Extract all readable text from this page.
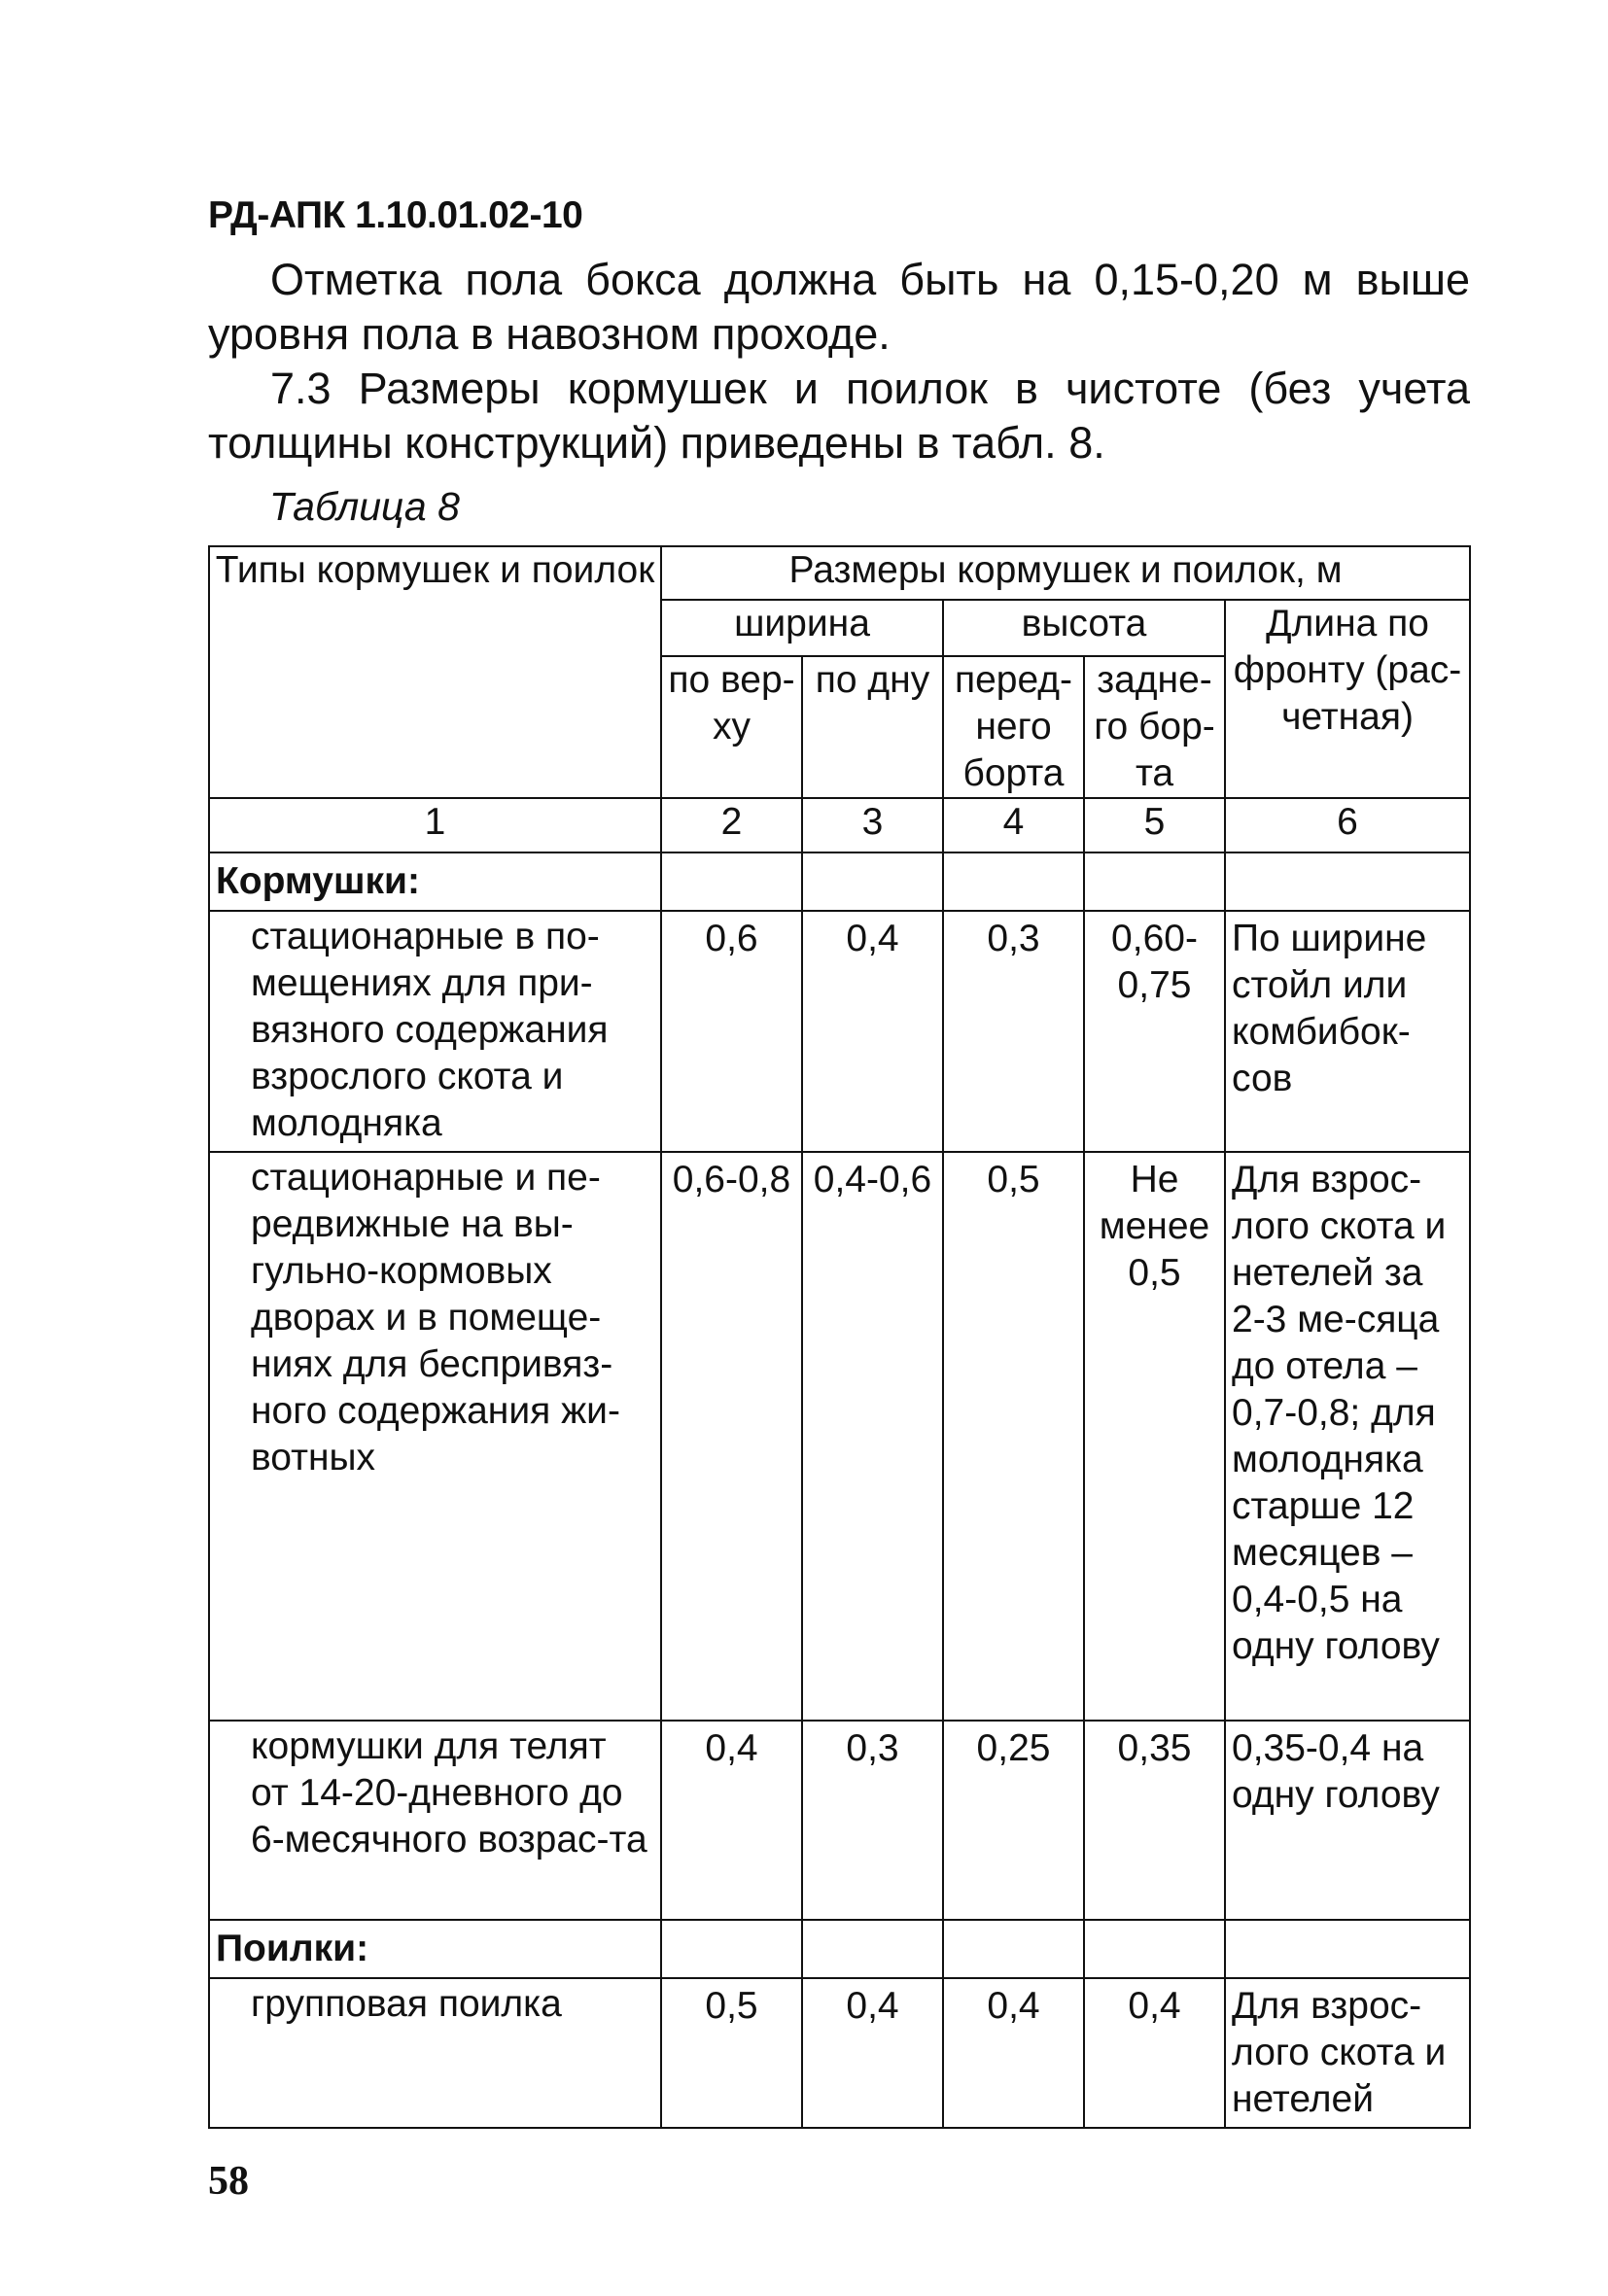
РД-АПК 1.10.01.02-10
Отметка пола бокса должна быть на 0,15-0,20 м выше уровня пола в навозном проходе.
7.3 Размеры кормушек и поилок в чистоте (без учета толщины конструкций) приведены в табл. 8.
Таблица 8
Типы кормушек и поилок	Размеры кормушек и поилок, м				
	ширина		высота		Длина по фронту (рас-четная)
	по вер-ху	по дну	перед-него борта	задне-го бор-та	
1	2	3	4	5	6
Кормушки:					
стационарные в по-мещениях для при-вязного содержания взрослого скота и молодняка	0,6	0,4	0,3	0,60-0,75	По ширине стойл или комбибок-сов
стационарные и пе-редвижные на вы-гульно-кормовых дворах и в помеще-ниях для беспривяз-ного содержания жи-вотных	0,6-0,8	0,4-0,6	0,5	Не менее 0,5	Для взрос-лого скота и нетелей за 2-3 ме-сяца до отела – 0,7-0,8; для молодняка старше 12 месяцев – 0,4-0,5 на одну голову
кормушки для телят от 14-20-дневного до 6-месячного возрас-та	0,4	0,3	0,25	0,35	0,35-0,4 на одну голову
Поилки:					
групповая поилка	0,5	0,4	0,4	0,4	Для взрос-лого скота и нетелей
58
